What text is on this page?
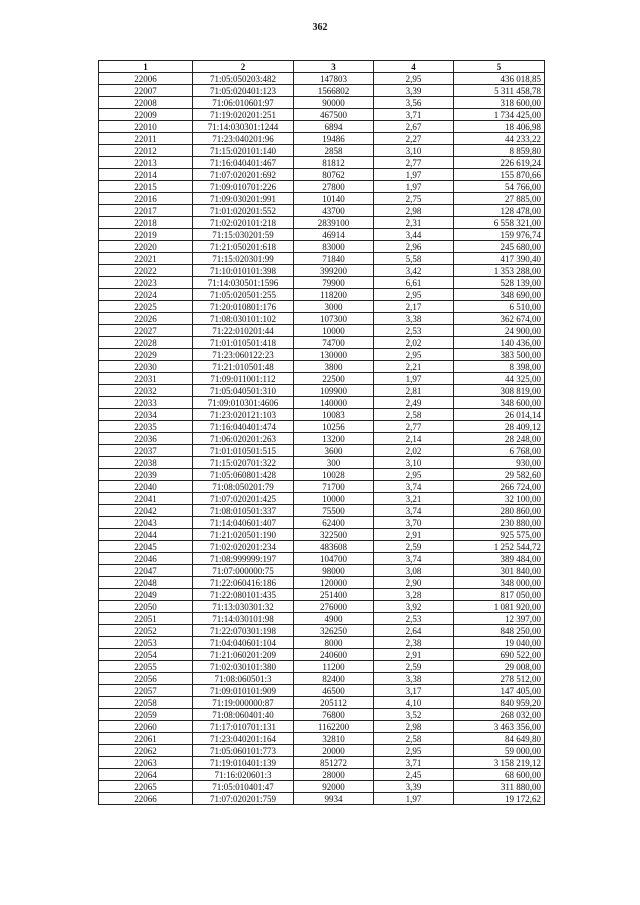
362
1	2	3	4	5
22006	71:05:050203:482	147803	2,95	436 018,85
22007	71:05:020401:123	1566802	3,39	5 311 458,78
22008	71:06:010601:97	90000	3,56	318 600,00
22009	71:19:020201:251	467500	3,71	1 734 425,00
22010	71:14:030301:1244	6894	2,67	18 406,98
22011	71:23:040201:96	19486	2,27	44 233,22
22012	71:15:020101:140	2858	3,10	8 859,80
22013	71:16:040401:467	81812	2,77	226 619,24
22014	71:07:020201:692	80762	1,97	155 870,66
22015	71:09:010701:226	27800	1,97	54 766,00
22016	71:09:030201:991	10140	2,75	27 885,00
22017	71:01:020201:552	43700	2,98	128 478,00
22018	71:02:020101:218	2839100	2,31	6 558 321,00
22019	71:15:030201:59	46914	3,44	159 976,74
22020	71:21:050201:618	83000	2,96	245 680,00
22021	71:15:020301:99	71840	5,58	417 390,40
22022	71:10:010101:398	399200	3,42	1 353 288,00
22023	71:14:030501:1596	79900	6,61	528 139,00
22024	71:05:020501:255	118200	2,95	348 690,00
22025	71:20:010801:176	3000	2,17	6 510,00
22026	71:08:030101:102	107300	3,38	362 674,00
22027	71:22:010201:44	10000	2,53	24 900,00
22028	71:01:010501:418	74700	2,02	140 436,00
22029	71:23:060122:23	130000	2,95	383 500,00
22030	71:21:010501:48	3800	2,21	8 398,00
22031	71:09:011001:112	22500	1,97	44 325,00
22032	71:05:040501:310	109900	2,81	308 819,00
22033	71:09:010301:4606	140000	2,49	348 600,00
22034	71:23:020121:103	10083	2,58	26 014,14
22035	71:16:040401:474	10256	2,77	28 409,12
22036	71:06:020201:263	13200	2,14	28 248,00
22037	71:01:010501:515	3600	2,02	6 768,00
22038	71:15:020701:322	300	3,10	930,00
22039	71:05:060801:428	10028	2,95	29 582,60
22040	71:08:050201:79	71700	3,74	266 724,00
22041	71:07:020201:425	10000	3,21	32 100,00
22042	71:08:010501:337	75500	3,74	280 860,00
22043	71:14:040601:407	62400	3,70	230 880,00
22044	71:21:020501:190	322500	2,91	925 575,00
22045	71:02:020201:234	483608	2,59	1 252 544,72
22046	71:08:999999:197	104700	3,74	389 484,00
22047	71:07:000000:75	98000	3,08	301 840,00
22048	71:22:060416:186	120000	2,90	348 000,00
22049	71:22:080101:435	251400	3,28	817 050,00
22050	71:13:030301:32	276000	3,92	1 081 920,00
22051	71:14:030101:98	4900	2,53	12 397,00
22052	71:22:070301:198	326250	2,64	848 250,00
22053	71:04:040601:104	8000	2,38	19 040,00
22054	71:21:060201:209	240600	2,91	690 522,00
22055	71:02:030101:380	11200	2,59	29 008,00
22056	71:08:060501:3	82400	3,38	278 512,00
22057	71:09:010101:909	46500	3,17	147 405,00
22058	71:19:000000:87	205112	4,10	840 959,20
22059	71:08:060401:40	76800	3,52	268 032,00
22060	71:17:010701:131	1162200	2,98	3 463 356,00
22061	71:23:040201:164	32810	2,58	84 649,80
22062	71:05:060101:773	20000	2,95	59 000,00
22063	71:19:010401:139	851272	3,71	3 158 219,12
22064	71:16:020601:3	28000	2,45	68 600,00
22065	71:05:010401:47	92000	3,39	311 880,00
22066	71:07:020201:759	9934	1,97	19 172,62
